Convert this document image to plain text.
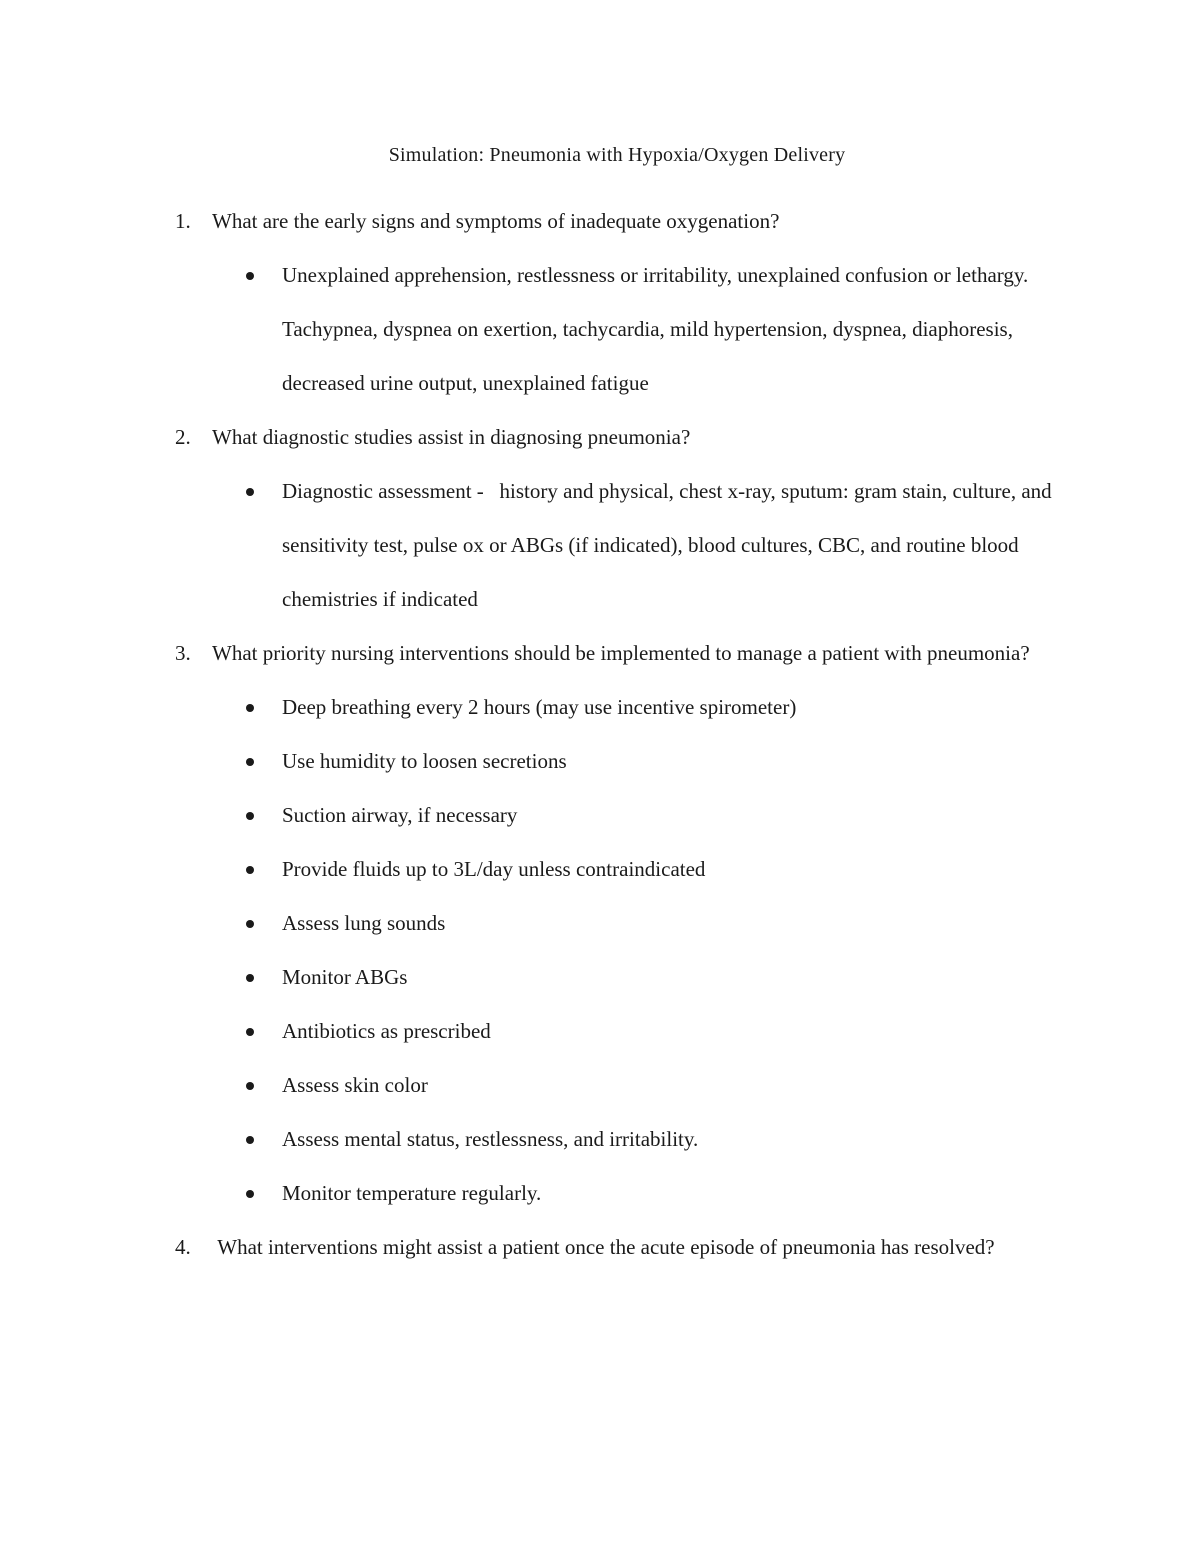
Simulation: Pneumonia with Hypoxia/Oxygen Delivery
1.	What are the early signs and symptoms of inadequate oxygenation?
Unexplained apprehension, restlessness or irritability, unexplained confusion or lethargy. Tachypnea, dyspnea on exertion, tachycardia, mild hypertension, dyspnea, diaphoresis, decreased urine output, unexplained fatigue
2.	What diagnostic studies assist in diagnosing pneumonia?
Diagnostic assessment -   history and physical, chest x-ray, sputum: gram stain, culture, and sensitivity test, pulse ox or ABGs (if indicated), blood cultures, CBC, and routine blood chemistries if indicated
3.	What priority nursing interventions should be implemented to manage a patient with pneumonia?
Deep breathing every 2 hours (may use incentive spirometer)
Use humidity to loosen secretions
Suction airway, if necessary
Provide fluids up to 3L/day unless contraindicated
Assess lung sounds
Monitor ABGs
Antibiotics as prescribed
Assess skin color
Assess mental status, restlessness, and irritability.
Monitor temperature regularly.
4.	What interventions might assist a patient once the acute episode of pneumonia has resolved?
